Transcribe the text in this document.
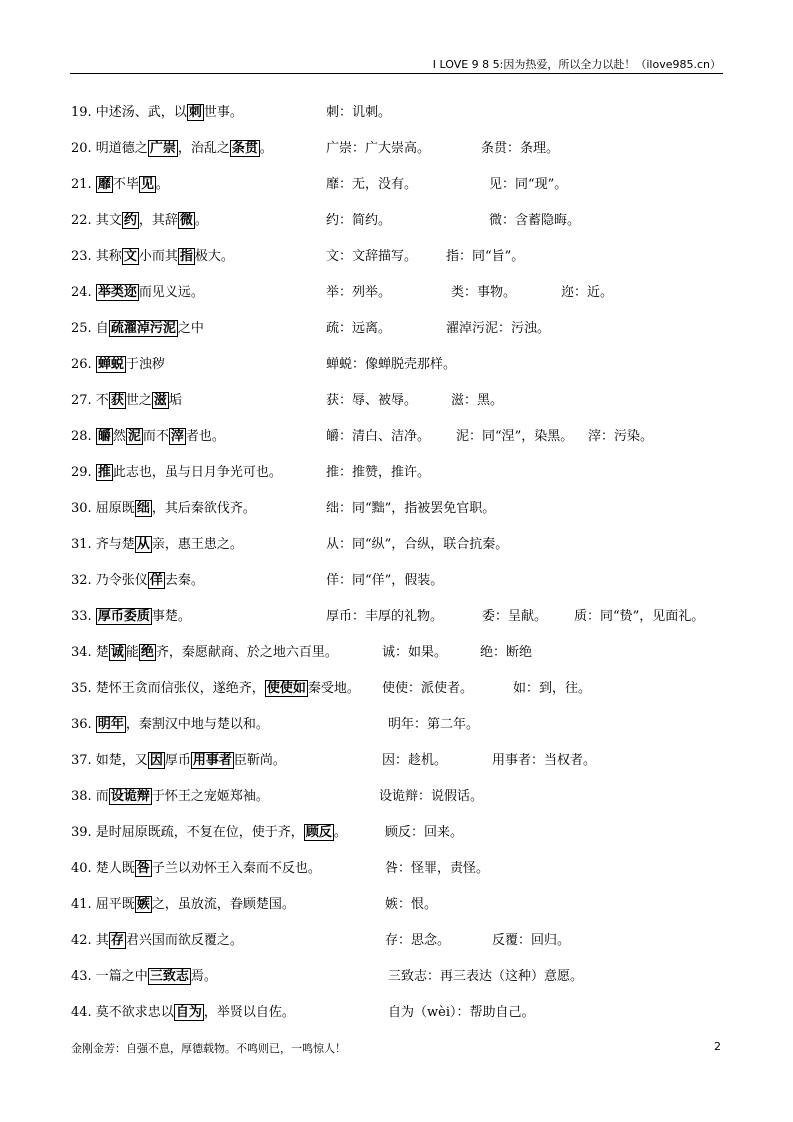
I LOVE 9 8 5:因为热爱，所以全力以赴！（ilove985.cn）
19. 中述汤、武，以 刺 世事。	刺：讥刺。
20. 明道德之 广崇 ，治乱之 条贯 。	广崇：广大崇高。	条贯：条理。
21. 靡 不毕 见 。	靡：无，没有。	见：同“现”。
22. 其文 约 ，其辞 微 。	约：简约。	微：含蓄隐晦。
23. 其称 文 小而其 指 极大。	文：文辞描写。 指：同“旨”。
24. 举类迩 而见义远。	举：列举。	类：事物。	迩：近。
25. 自 疏濯淖污泥 之中	疏：远离。	濯淖污泥：污浊。
26. 蝉蜕 于浊秽	蝉蜕：像蝉脱壳那样。
27. 不 获 世之 滋 垢	获：辱、被辱。	滋：黑。
28. 皭 然 泥 而不 滓 者也。	皭：清白、洁净。 泥：同“涅”，染黑。 滓：污染。
29. 推 此志也，虽与日月争光可也。	推：推赞，推许。
30. 屈原既 绌 ，其后秦欲伐齐。	绌：同“黜”，指被罢免官职。
31. 齐与楚 从 亲，惠王患之。	从：同“纵”，合纵，联合抗秦。
32. 乃令张仪 佯 去秦。	佯：同“佯”，假装。
33. 厚币委质 事楚。	厚币：丰厚的礼物。	委：呈献。 质：同“贽”，见面礼。
34. 楚 诚 能 绝 齐，秦愿献商、於之地六百里。	诚：如果。	绝：断绝
35. 楚怀王贪而信张仪，遂绝齐， 使使如 秦受地。 使使：派使者。	如：到，往。
36. 明年 ，秦割汉中地与楚以和。	明年：第二年。
37. 如楚，又 因 厚币 用事者 臣靳尚。	因：趁机。	用事者：当权者。
38. 而 设诡辩 于怀王之宠姬郑袖。	设诡辩：说假话。
39. 是时屈原既疏，不复在位，使于齐， 顾反 。	顾反：回来。
40. 楚人既 咎 子兰以劝怀王入秦而不反也。	咎：怪罪，责怪。
41. 屈平既 嫉 之，虽放流，眷顾楚国。	嫉：恨。
42. 其 存 君兴国而欲反覆之。	存：思念。	反覆：回归。
43. 一篇之中 三致志 焉。	三致志：再三表达（这种）意愿。
44. 莫不欲求忠以 自为 ，举贤以自佐。	自为（wèi）：帮助自己。
金刚金芳：自强不息，厚德载物。不鸣则已，一鸣惊人！	2
